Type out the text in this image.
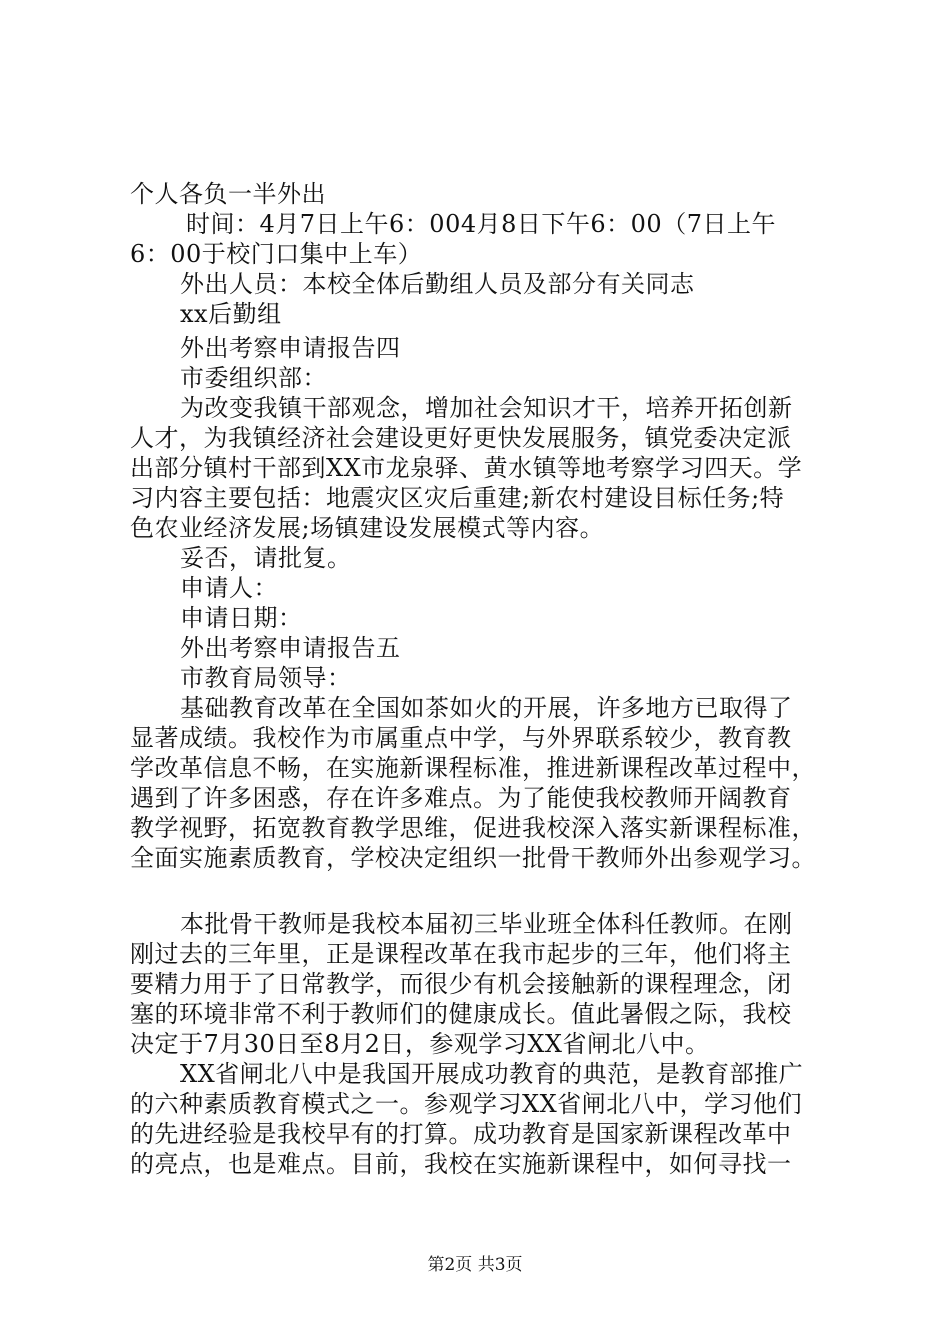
个人各负一半外出
时间：4月7日上午6：004月8日下午6：00（7日上午
6：00于校门口集中上车）
外出人员：本校全体后勤组人员及部分有关同志
xx后勤组
外出考察申请报告四
市委组织部：
为改变我镇干部观念，增加社会知识才干，培养开拓创新
人才，为我镇经济社会建设更好更快发展服务，镇党委决定派
出部分镇村干部到XX市龙泉驿、黄水镇等地考察学习四天。学
习内容主要包括：地震灾区灾后重建;新农村建设目标任务;特
色农业经济发展;场镇建设发展模式等内容。
妥否，请批复。
申请人：
申请日期：
外出考察申请报告五
市教育局领导：
基础教育改革在全国如茶如火的开展，许多地方已取得了
显著成绩。我校作为市属重点中学，与外界联系较少，教育教
学改革信息不畅，在实施新课程标准，推进新课程改革过程中，
遇到了许多困惑，存在许多难点。为了能使我校教师开阔教育
教学视野，拓宽教育教学思维，促进我校深入落实新课程标准，
全面实施素质教育，学校决定组织一批骨干教师外出参观学习。
本批骨干教师是我校本届初三毕业班全体科任教师。在刚
刚过去的三年里，正是课程改革在我市起步的三年，他们将主
要精力用于了日常教学，而很少有机会接触新的课程理念，闭
塞的环境非常不利于教师们的健康成长。值此暑假之际，我校
决定于7月30日至8月2日，参观学习XX省闸北八中。
XX省闸北八中是我国开展成功教育的典范，是教育部推广
的六种素质教育模式之一。参观学习XX省闸北八中，学习他们
的先进经验是我校早有的打算。成功教育是国家新课程改革中
的亮点，也是难点。目前，我校在实施新课程中，如何寻找一
第2页 共3页
